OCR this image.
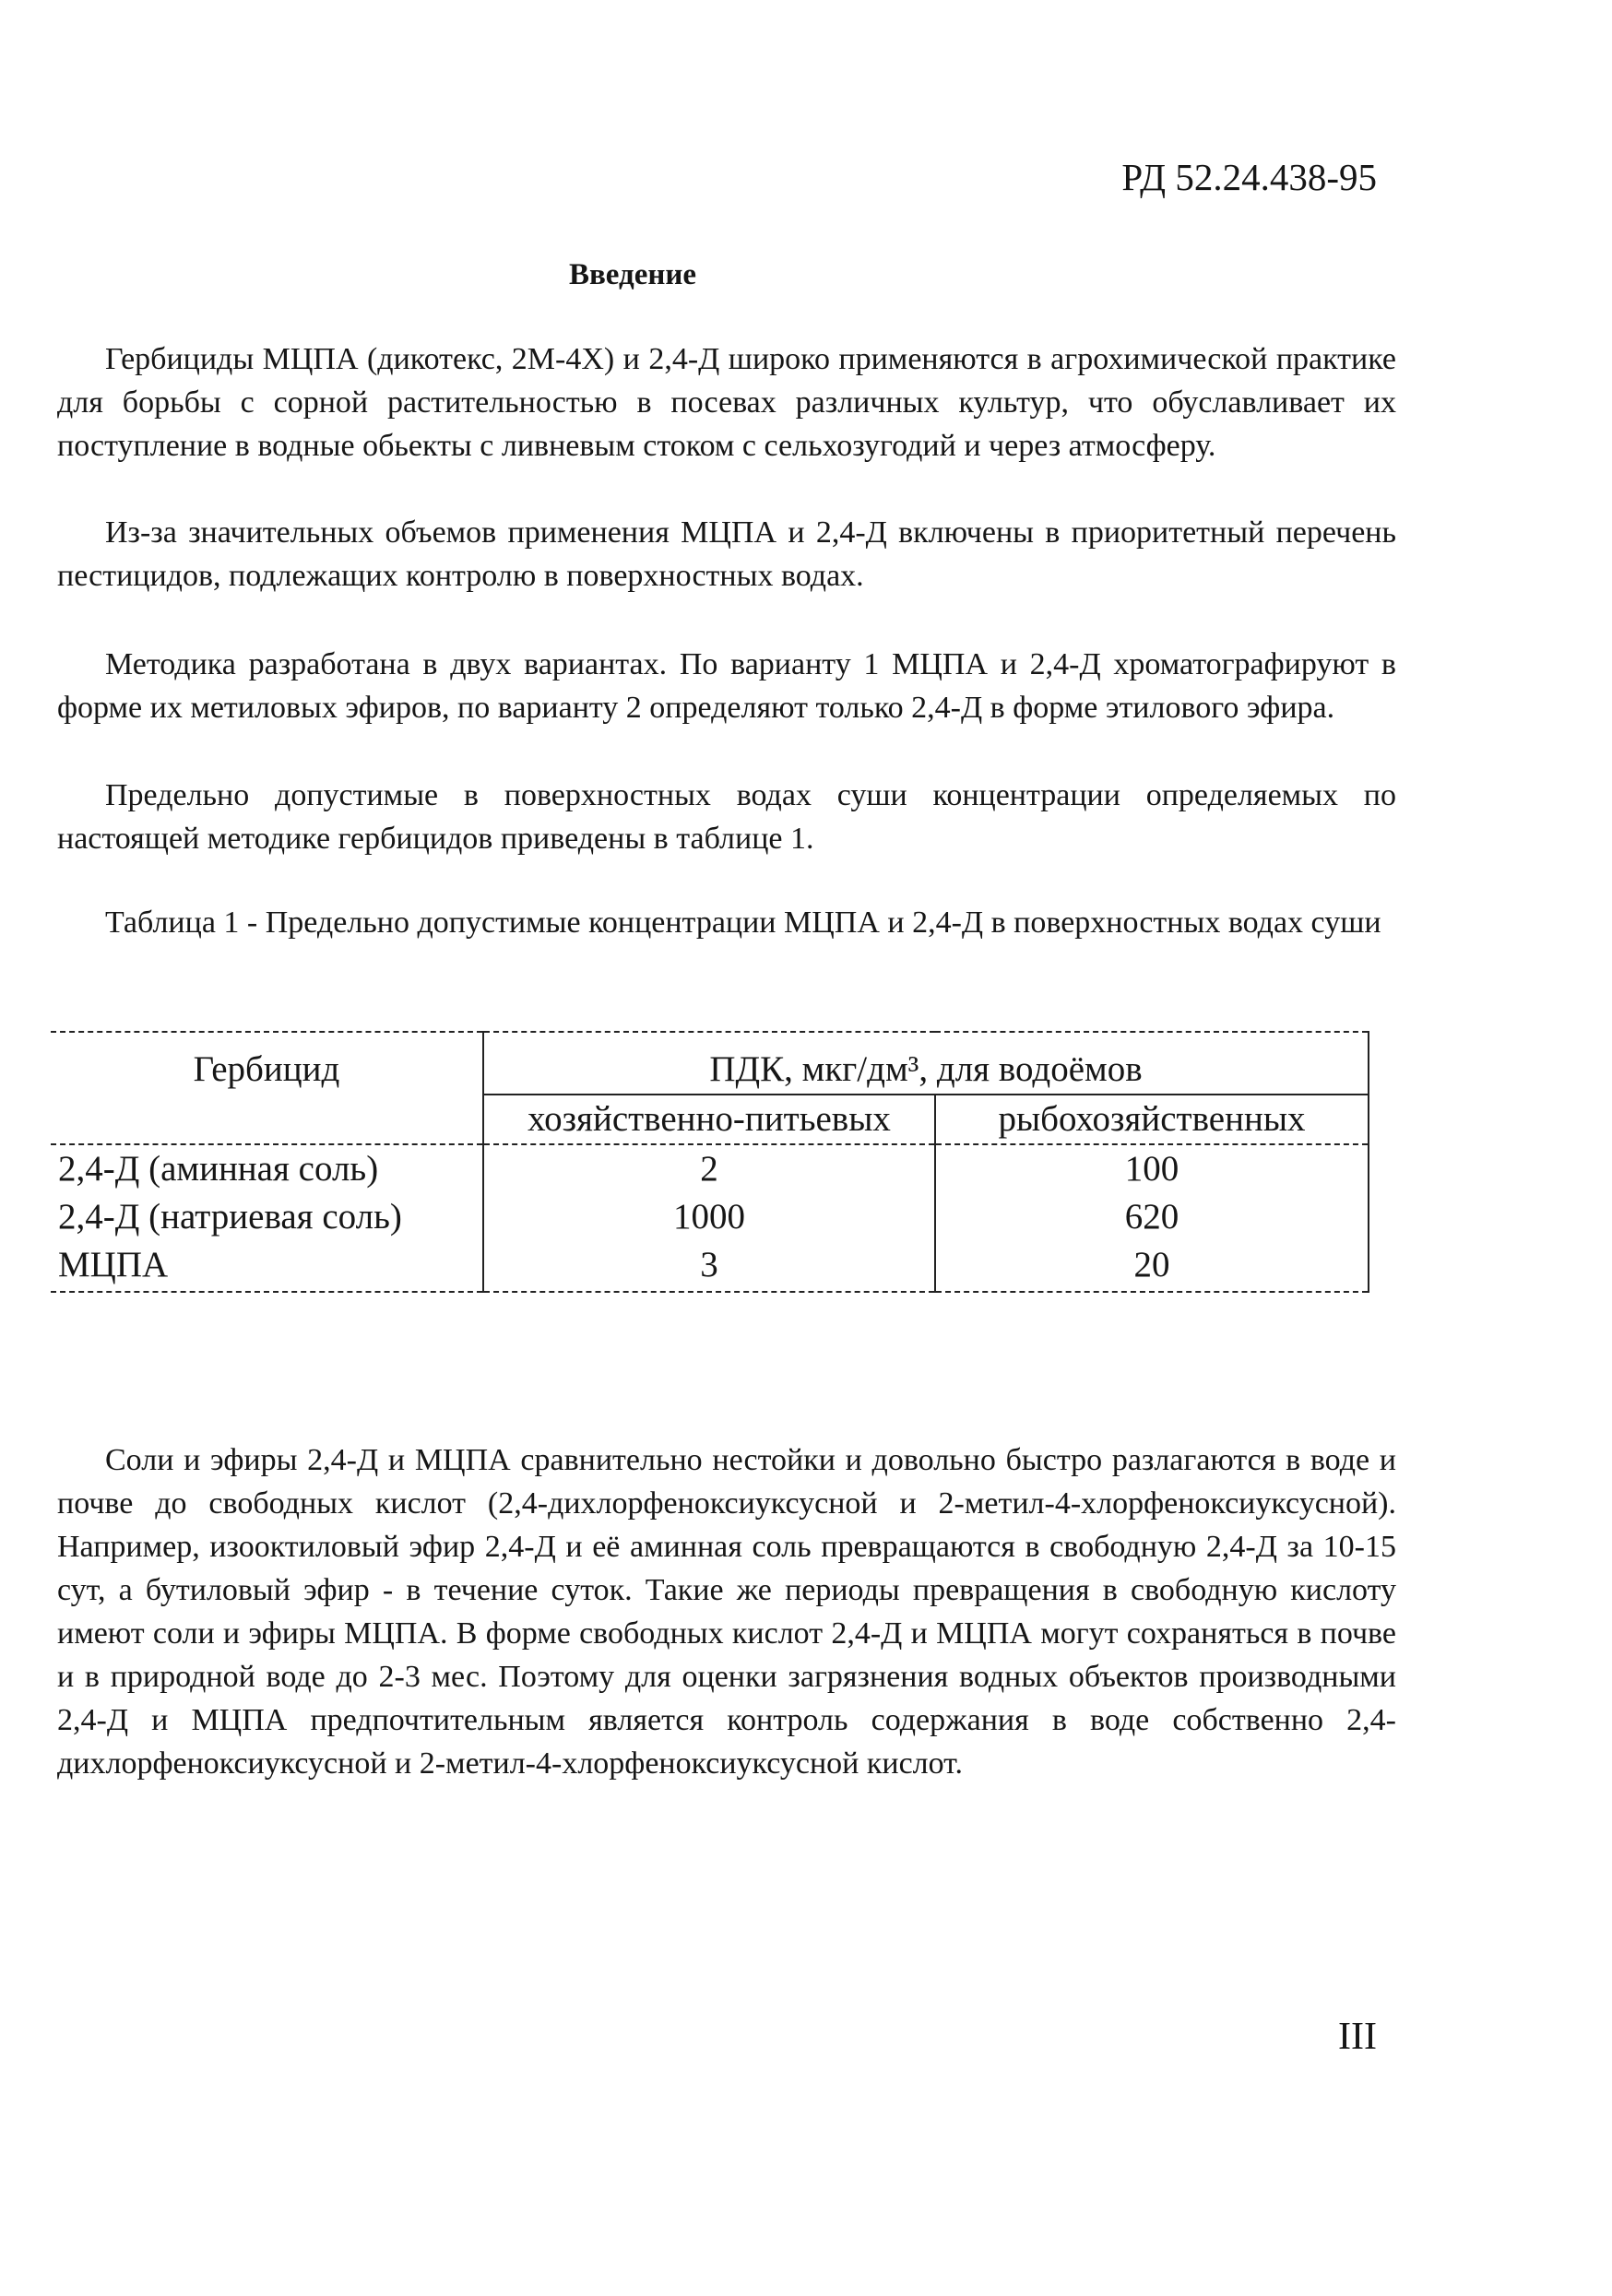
РД 52.24.438-95
Введение

Гербициды МЦПА (дикотекс, 2М-4Х) и 2,4-Д широко применяются в агрохимической практике для борьбы с сорной растительностью в посевах различных культур, что обуславливает их поступление в водные обьекты с ливневым стоком с сельхозугодий и через атмосферу.

Из-за значительных объемов применения МЦПА и 2,4-Д включены в приоритетный перечень пестицидов, подлежащих контролю в поверхностных водах.

Методика разработана в двух вариантах. По варианту 1 МЦПА и 2,4-Д хроматографируют в форме их метиловых эфиров, по варианту 2 определяют только 2,4-Д в форме этилового эфира.

Предельно допустимые в поверхностных водах суши концентрации определяемых по настоящей методике гербицидов приведены в таблице 1.

Таблица 1 - Предельно допустимые концентрации МЦПА и 2,4-Д в поверхностных водах суши

Гербицид	ПДК, мкг/дм³, для водоёмов	
	хозяйственно-питьевых	рыбохозяйственных
2,4-Д (аминная соль)	2	100
2,4-Д (натриевая соль)	1000	620
МЦПА	3	20

Соли и эфиры 2,4-Д и МЦПА сравнительно нестойки и довольно быстро разлагаются в воде и почве до свободных кислот (2,4-дихлорфеноксиуксусной и 2-метил-4-хлорфеноксиуксусной). Например, изооктиловый эфир 2,4-Д и её аминная соль превращаются в свободную 2,4-Д за 10-15 сут, а бутиловый эфир - в течение суток. Такие же периоды превращения в свободную кислоту имеют соли и эфиры МЦПА. В форме свободных кислот 2,4-Д и МЦПА могут сохраняться в почве и в природной воде до 2-3 мес. Поэтому для оценки загрязнения водных объектов производными 2,4-Д и МЦПА предпочтительным является контроль содержания в воде собственно 2,4-дихлорфеноксиуксусной и 2-метил-4-хлорфеноксиуксусной кислот.

III
